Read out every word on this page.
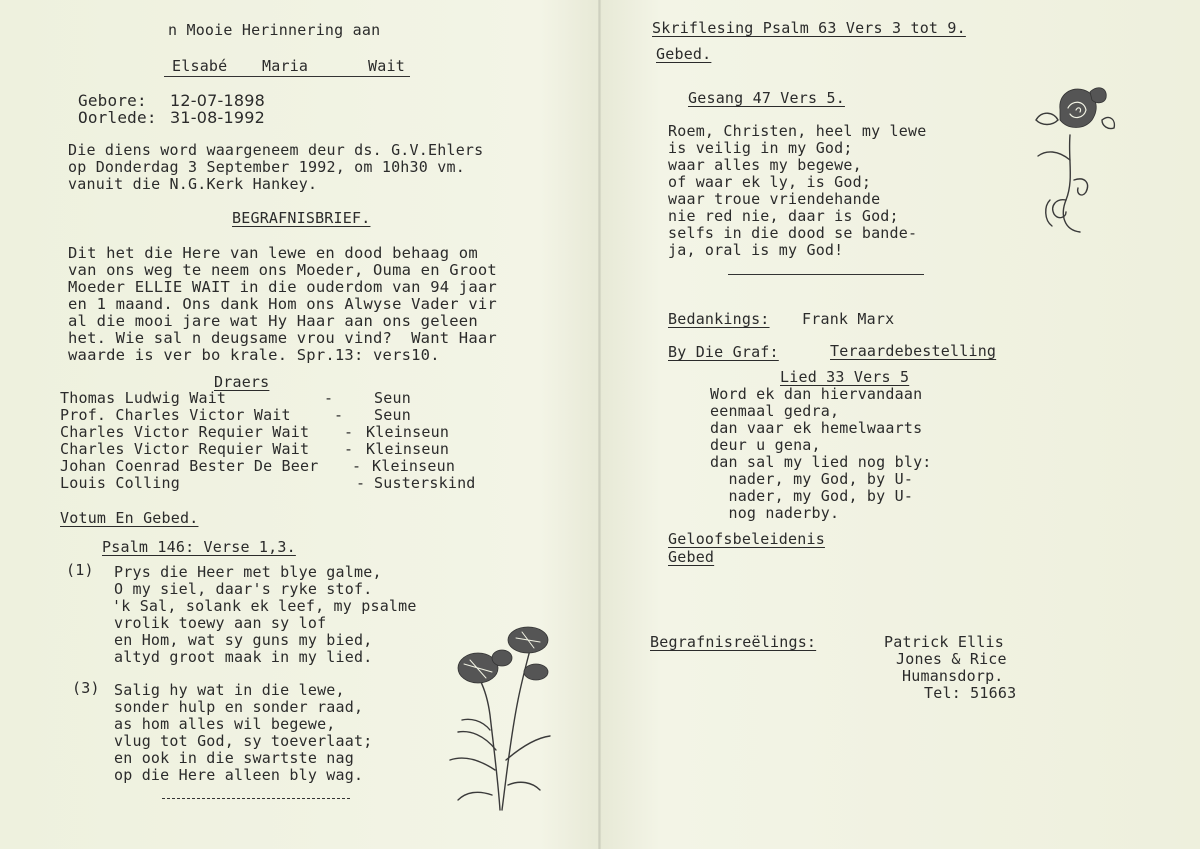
n Mooie Herinnering aan
Elsabé Maria	Wait
Gebore: 12-07-1898
Oorlede: 31-08-1992
Die diens word waargeneem deur ds. G.V.Ehlers
op Donderdag 3 September 1992, om 10h30 vm.
vanuit die N.G.Kerk Hankey.
BEGRAFNISBRIEF.
Dit het die Here van lewe en dood behaag om
van ons weg te neem ons Moeder, Ouma en Groot
Moeder ELLIE WAIT in die ouderdom van 94 jaar
en 1 maand. Ons dank Hom ons Alwyse Vader vir
al die mooi jare wat Hy Haar aan ons geleen
het. Wie sal n deugsame vrou vind?  Want Haar
waarde is ver bo krale. Spr.13: vers10.
Draers
Thomas Ludwig Wait	-	Seun
Prof. Charles Victor Wait	- Seun
Charles Victor Requier Wait - Kleinseun
Charles Victor Requier Wait - Kleinseun
Johan Coenrad Bester De Beer - Kleinseun
Louis Colling	- Susterskind
Votum En Gebed.
Psalm 146: Verse 1,3.
(1) Prys die Heer met blye galme,
O my siel, daar's ryke stof.
'k Sal, solank ek leef, my psalme
vrolik toewy aan sy lof
en Hom, wat sy guns my bied,
altyd groot maak in my lied.
(3) Salig hy wat in die lewe,
sonder hulp en sonder raad,
as hom alles wil begewe,
vlug tot God, sy toeverlaat;
en ook in die swartste nag
op die Here alleen bly wag.
Skriflesing Psalm 63 Vers 3 tot 9.
Gebed.
Gesang 47 Vers 5.
Roem, Christen, heel my lewe
is veilig in my God;
waar alles my begewe,
of waar ek ly, is God;
waar troue vriendehande
nie red nie, daar is God;
selfs in die dood se bande-
ja, oral is my God!
Bedankings: Frank Marx
By Die Graf:	Teraardebestelling
Lied 33 Vers 5
Word ek dan hiervandaan
eenmaal gedra,
dan vaar ek hemelwaarts
deur u gena,
dan sal my lied nog bly:
nader, my God, by U-
nader, my God, by U-
nog naderby.
Geloofsbeleidenis
Gebed
Begrafnisreëlings:	Patrick Ellis
Jones & Rice
Humansdorp.
Tel: 51663
